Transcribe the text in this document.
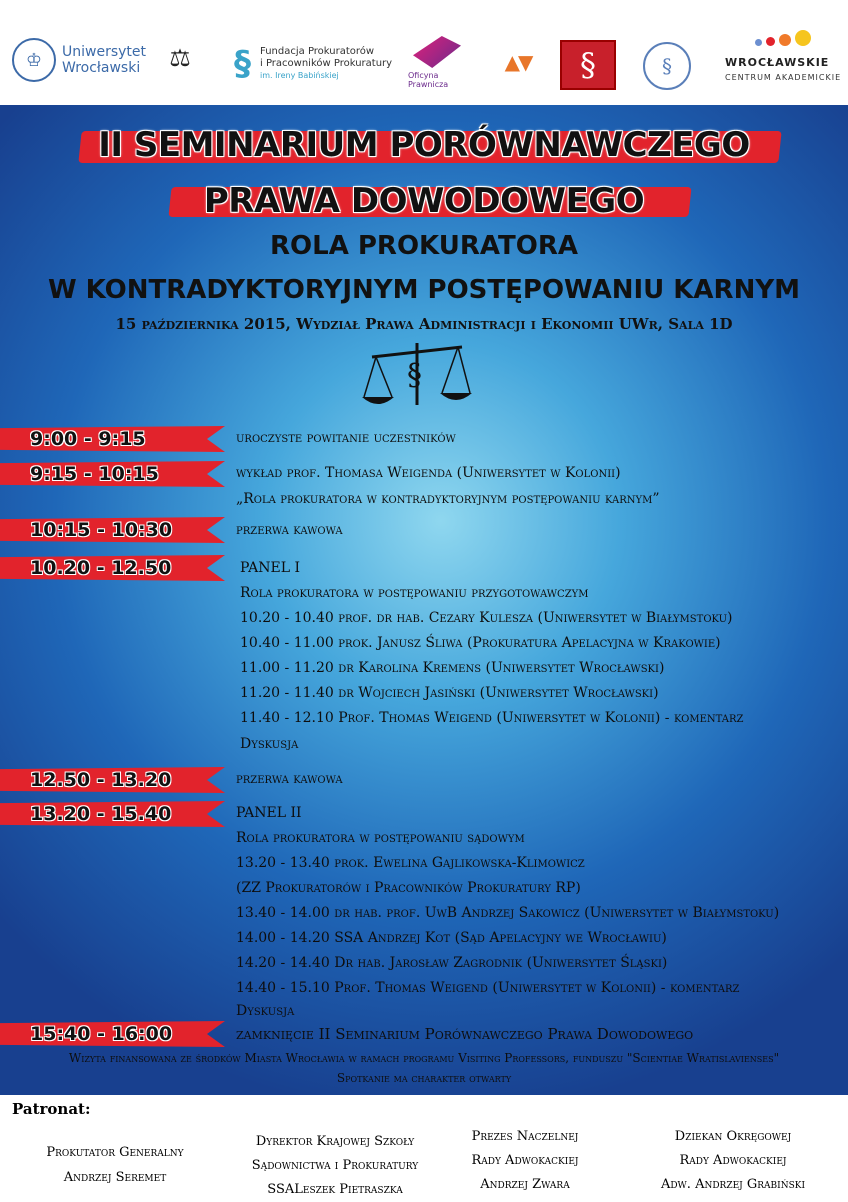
♔	Uniwersytet
Wrocławski ⚖ § Fundacja Prokuratorów
i Pracowników Prokuratury
im. Ireny Babińskiej	Oficyna Prawnicza
▲▼	§	§	WROCŁAWSKIE
CENTRUM AKADEMICKIE
II SEMINARIUM PORÓWNAWCZEGO
PRAWA DOWODOWEGO
ROLA PROKURATORA
W KONTRADYKTORYJNYM POSTĘPOWANIU KARNYM
15 października 2015, Wydział Prawa Administracji i Ekonomii UWr, Sala 1D
§
9:00 - 9:15	uroczyste powitanie uczestników
9:15 - 10:15	wykład prof. Thomasa Weigenda (Uniwersytet w Kolonii)
„Rola prokuratora w kontradyktoryjnym postępowaniu karnym”
10:15 - 10:30	przerwa kawowa
10.20 - 12.50	PANEL I
Rola prokuratora w postępowaniu przygotowawczym
10.20 - 10.40 prof. dr hab. Cezary Kulesza (Uniwersytet w Białymstoku)
10.40 - 11.00 prok. Janusz Śliwa (Prokuratura Apelacyjna w Krakowie)
11.00 - 11.20 dr Karolina Kremens (Uniwersytet Wrocławski)
11.20 - 11.40 dr Wojciech Jasiński (Uniwersytet Wrocławski)
11.40 - 12.10 Prof. Thomas Weigend (Uniwersytet w Kolonii) - komentarz
Dyskusja
12.50 - 13.20	przerwa kawowa
13.20 - 15.40	PANEL II
Rola prokuratora w postępowaniu sądowym
13.20 - 13.40 prok. Ewelina Gajlikowska-Klimowicz
(ZZ Prokuratorów i Pracowników Prokuratury RP)
13.40 - 14.00 dr hab. prof. UwB Andrzej Sakowicz (Uniwersytet w Białymstoku)
14.00 - 14.20 SSA Andrzej Kot (Sąd Apelacyjny we Wrocławiu)
14.20 - 14.40 Dr hab. Jarosław Zagrodnik (Uniwersytet Śląski)
14.40 - 15.10 Prof. Thomas Weigend (Uniwersytet w Kolonii) - komentarz
Dyskusja
15:40 - 16:00	zamknięcie II Seminarium Porównawczego Prawa Dowodowego
Wizyta finansowana ze środków Miasta Wrocławia w ramach programu Visiting Professors, funduszu "Scientiae Wratislavienses"
Spotkanie ma charakter otwarty
Patronat:
Prokutator Generalny
Andrzej Seremet
Dyrektor Krajowej Szkoły
Sądownictwa i Prokuratury
SSALeszek Pietraszka
Prezes Naczelnej
Rady Adwokackiej
Andrzej Zwara
Dziekan Okręgowej
Rady Adwokackiej
Adw. Andrzej Grabiński
